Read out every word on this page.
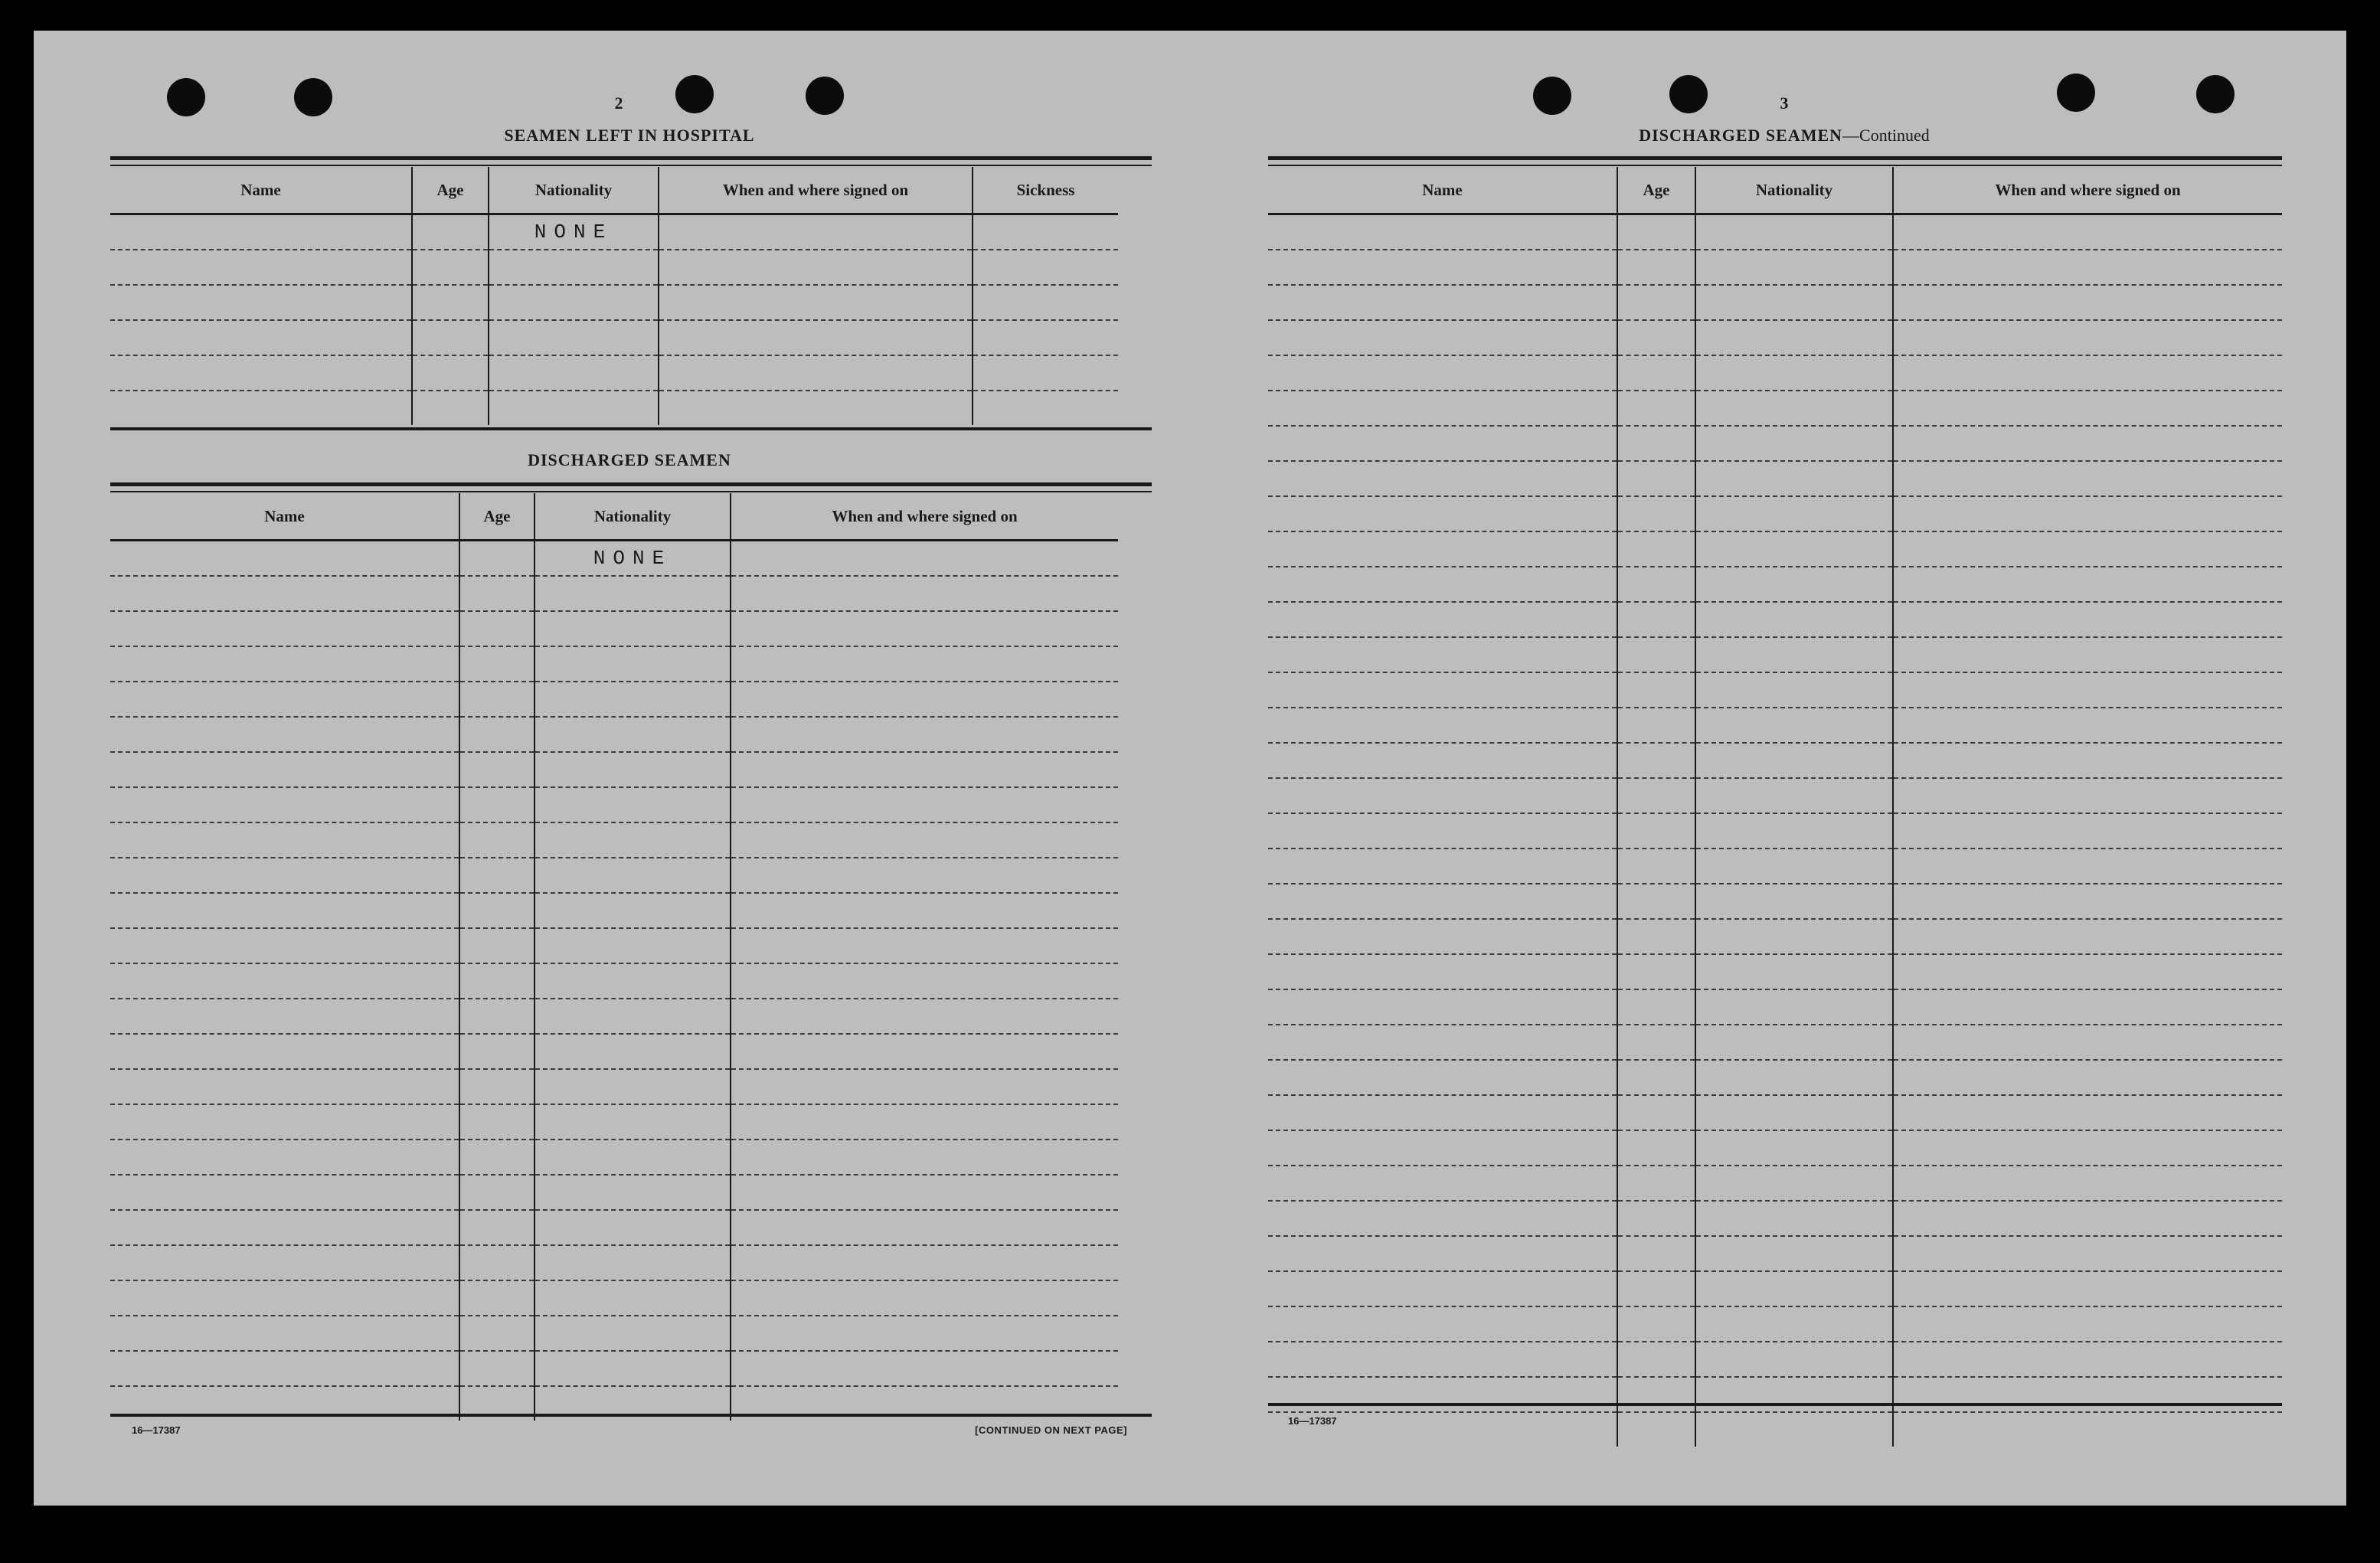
2
SEAMEN LEFT IN HOSPITAL
Name	Age	Nationality	When and where signed on	Sickness
		NONE		

DISCHARGED SEAMEN
Name	Age	Nationality	When and where signed on
		NONE	

16—17387	[CONTINUED ON NEXT PAGE]
3
DISCHARGED SEAMEN—Continued
Name	Age	Nationality	When and where signed on

16—17387
